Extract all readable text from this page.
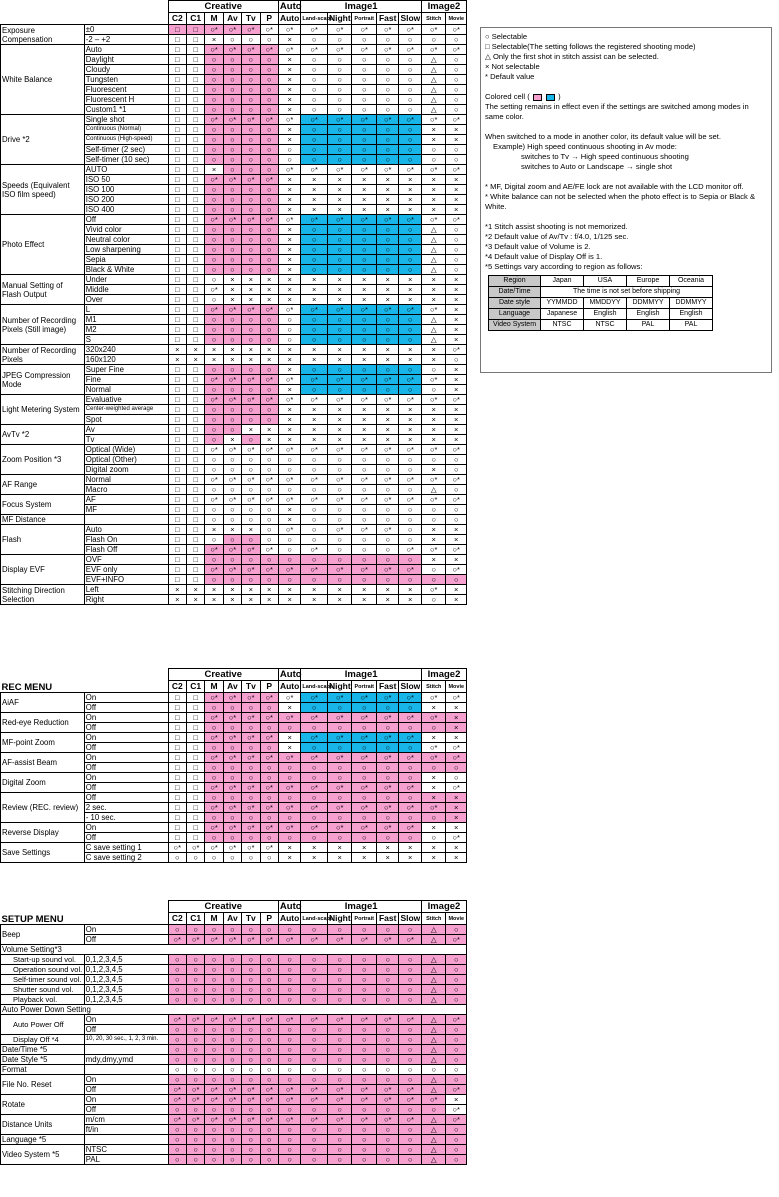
		Creative						Auto	Image1					Image2	
		C2	C1	M	Av	Tv	P	Auto	Land-scape	Night	Portrait	Fast	Slow	Stitch	Movie
Exposure Compensation	±0	□	□	○*	○*	○*	○*	○*	○*	○*	○*	○*	○*	○*	○*
	-2 – +2	□	□	×	○	○	○	×	○	○	○	○	○	○	○
White Balance	Auto	□	□	○*	○*	○*	○*	○*	○*	○*	○*	○*	○*	○*	○*
	Daylight	□	□	○	○	○	○	×	○	○	○	○	○	△	○
	Cloudy	□	□	○	○	○	○	×	○	○	○	○	○	△	○
	Tungsten	□	□	○	○	○	○	×	○	○	○	○	○	△	○
	Fluorescent	□	□	○	○	○	○	×	○	○	○	○	○	△	○
	Fluorescent H	□	□	○	○	○	○	×	○	○	○	○	○	△	○
	Custom1 *1	□	□	○	○	○	○	×	○	○	○	○	○	△	○
Drive *2	Single shot	□	□	○*	○*	○*	○*	○*	○*	○*	○*	○*	○*	○*	○*
	Continuous (Normal)	□	□	○	○	○	○	×	○	○	○	○	○	×	×
	Continuous (High-speed)	□	□	○	○	○	○	×	○	○	○	○	○	×	×
	Self-timer (2 sec)	□	□	○	○	○	○	○	○	○	○	○	○	○	○
	Self-timer (10 sec)	□	□	○	○	○	○	○	○	○	○	○	○	○	○
Speeds (Equivalent ISO film speed)	AUTO	□	□	×	○	○	○	○*	○*	○*	○*	○*	○*	○*	○*
	ISO 50	□	□	○*	○*	○*	○*	×	×	×	×	×	×	×	×
	ISO 100	□	□	○	○	○	○	×	×	×	×	×	×	×	×
	ISO 200	□	□	○	○	○	○	×	×	×	×	×	×	×	×
	ISO 400	□	□	○	○	○	○	×	×	×	×	×	×	×	×
Photo Effect	Off	□	□	○*	○*	○*	○*	○*	○*	○*	○*	○*	○*	○*	○*
	Vivid color	□	□	○	○	○	○	×	○	○	○	○	○	△	○
	Neutral color	□	□	○	○	○	○	×	○	○	○	○	○	△	○
	Low sharpening	□	□	○	○	○	○	×	○	○	○	○	○	△	○
	Sepia	□	□	○	○	○	○	×	○	○	○	○	○	△	○
	Black & White	□	□	○	○	○	○	×	○	○	○	○	○	△	○
Manual Setting of Flash Output	Under	□	□	○	×	×	×	×	×	×	×	×	×	×	×
	Middle	□	□	○*	×	×	×	×	×	×	×	×	×	×	×
	Over	□	□	○	×	×	×	×	×	×	×	×	×	×	×
Number of Recording Pixels (Still image)	L	□	□	○*	○*	○*	○*	○*	○*	○*	○*	○*	○*	○*	×
	M1	□	□	○	○	○	○	○	○	○	○	○	○	△	×
	M2	□	□	○	○	○	○	○	○	○	○	○	○	△	×
	S	□	□	○	○	○	○	○	○	○	○	○	○	△	×
Number of Recording Pixels	320x240	×	×	×	×	×	×	×	×	×	×	×	×	×	○*
	160x120	×	×	×	×	×	×	×	×	×	×	×	×	×	○
JPEG Compression Mode	Super Fine	□	□	○	○	○	○	×	○	○	○	○	○	○	×
	Fine	□	□	○*	○*	○*	○*	○*	○*	○*	○*	○*	○*	○*	×
	Normal	□	□	○	○	○	○	×	○	○	○	○	○	○	×
Light Metering System	Evaluative	□	□	○*	○*	○*	○*	○*	○*	○*	○*	○*	○*	○*	○*
	Center-weighted average	□	□	○	○	○	○	×	×	×	×	×	×	×	×
	Spot	□	□	○	○	○	○	×	×	×	×	×	×	×	×
AvTv *2	Av	□	□	○	○	×	×	×	×	×	×	×	×	×	×
	Tv	□	□	○	×	○	×	×	×	×	×	×	×	×	×
Zoom Position *3	Optical (Wide)	□	□	○*	○*	○*	○*	○*	○*	○*	○*	○*	○*	○*	○*
	Optical (Other)	□	□	○	○	○	○	○	○	○	○	○	○	○	○
	Digital zoom	□	□	○	○	○	○	○	○	○	○	○	○	×	○
AF Range	Normal	□	□	○*	○*	○*	○*	○*	○*	○*	○*	○*	○*	○*	○*
	Macro	□	□	○	○	○	○	○	○	○	○	○	○	△	○
Focus System	AF	□	□	○*	○*	○*	○*	○*	○*	○*	○*	○*	○*	○*	○*
	MF	□	□	○	○	○	○	×	○	○	○	○	○	○	○
MF Distance		□	□	○	○	○	○	×	○	○	○	○	○	○	○
Flash	Auto	□	□	×	×	×	○	○*	○	○*	○*	○*	○	×	×
	Flash On	□	□	○	○	○	○	○	○	○	○	○	○	×	×
	Flash Off	□	□	○*	○*	○*	○*	○	○*	○	○	○	○*	○*	○*
Display EVF	OVF	□	□	○	○	○	○	○	○	○	○	○	○	×	×
	EVF only	□	□	○*	○*	○*	○*	○*	○*	○*	○*	○*	○*	○	○*
	EVF+INFO	□	□	○	○	○	○	○	○	○	○	○	○	○	○
Stitching Direction Selection	Left	×	×	×	×	×	×	×	×	×	×	×	×	○*	×
	Right	×	×	×	×	×	×	×	×	×	×	×	×	○	×
REC MENU		Creative						Auto	Image1					Image2	
		C2	C1	M	Av	Tv	P	Auto	Land-scape	Night	Portrait	Fast	Slow	Stitch	Movie
AiAF	On	□	□	○*	○*	○*	○*	○*	○*	○*	○*	○*	○*	○*	○*
	Off	□	□	○	○	○	○	×	○	○	○	○	○	×	×
Red-eye Reduction	On	□	□	○*	○*	○*	○*	○*	○*	○*	○*	○*	○*	○*	×
	Off	□	□	○	○	○	○	○	○	○	○	○	○	○	×
MF-point Zoom	On	□	□	○*	○*	○*	○*	×	○*	○*	○*	○*	○*	×	×
	Off	□	□	○	○	○	○	×	○	○	○	○	○	○*	○*
AF-assist Beam	On	□	□	○*	○*	○*	○*	○*	○*	○*	○*	○*	○*	○*	○*
	Off	□	□	○	○	○	○	○	○	○	○	○	○	○	○
Digital Zoom	On	□	□	○	○	○	○	○	○	○	○	○	○	×	○
	Off	□	□	○*	○*	○*	○*	○*	○*	○*	○*	○*	○*	×	○*
Review (REC. review)	Off	□	□	○	○	○	○	○	○	○	○	○	○	×	×
	2 sec.	□	□	○*	○*	○*	○*	○*	○*	○*	○*	○*	○*	○*	×
	- 10 sec.	□	□	○	○	○	○	○	○	○	○	○	○	○	×
Reverse Display	On	□	□	○*	○*	○*	○*	○*	○*	○*	○*	○*	○*	×	×
	Off	□	□	○	○	○	○	○	○	○	○	○	○	○	○*
Save Settings	C save setting 1	○*	○*	○*	○*	○*	○*	×	×	×	×	×	×	×	×
	C save setting 2	○	○	○	○	○	○	×	×	×	×	×	×	×	×
SETUP MENU		Creative						Auto	Image1					Image2	
		C2	C1	M	Av	Tv	P	Auto	Land-scape	Night	Portrait	Fast	Slow	Stitch	Movie
Beep	On	○	○	○	○	○	○	○	○	○	○	○	○	△	○
	Off	○*	○*	○*	○*	○*	○*	○*	○*	○*	○*	○*	○*	△	○*
Volume Setting*3															
Start-up sound vol.	0,1,2,3,4,5	○	○	○	○	○	○	○	○	○	○	○	○	△	○
Operation sound vol.	0,1,2,3,4,5	○	○	○	○	○	○	○	○	○	○	○	○	△	○
Self-timer sound vol.	0,1,2,3,4,5	○	○	○	○	○	○	○	○	○	○	○	○	△	○
Shutter sound vol.	0,1,2,3,4,5	○	○	○	○	○	○	○	○	○	○	○	○	△	○
Playback vol.	0,1,2,3,4,5	○	○	○	○	○	○	○	○	○	○	○	○	△	○
Auto Power Down Setting															
Auto Power Off	On	○*	○*	○*	○*	○*	○*	○*	○*	○*	○*	○*	○*	△	○*
	Off	○	○	○	○	○	○	○	○	○	○	○	○	△	○
Display Off *4	10, 20, 30 sec., 1, 2, 3 min.	○	○	○	○	○	○	○	○	○	○	○	○	△	○
Date/Time *5		○	○	○	○	○	○	○	○	○	○	○	○	△	○
Date Style *5	mdy,dmy,ymd	○	○	○	○	○	○	○	○	○	○	○	○	△	○
Format		○	○	○	○	○	○	○	○	○	○	○	○	○	○
File No. Reset	On	○	○	○	○	○	○	○	○	○	○	○	○	△	○
	Off	○*	○*	○*	○*	○*	○*	○*	○*	○*	○*	○*	○*	△	○*
Rotate	On	○*	○*	○*	○*	○*	○*	○*	○*	○*	○*	○*	○*	○*	×
	Off	○	○	○	○	○	○	○	○	○	○	○	○	○	○*
Distance Units	m/cm	○*	○*	○*	○*	○*	○*	○*	○*	○*	○*	○*	○*	△	○*
	ft/in	○	○	○	○	○	○	○	○	○	○	○	○	△	○
Language *5		○	○	○	○	○	○	○	○	○	○	○	○	△	○
Video System *5	NTSC	○	○	○	○	○	○	○	○	○	○	○	○	△	○
	PAL	○	○	○	○	○	○	○	○	○	○	○	○	△	○

○ Selectable

□ Selectable(The setting follows the registered shooting mode)

△ Only the first shot in stitch assist can be selected.

× Not selectable

* Default value

Colored cell (	)

The setting remains in effect even if the settings are switched among modes in same color.

When switched to a mode in another color, its default value will be set.

Example) High speed continuous shooting in Av mode:

switches to Tv → High speed continuous shooting

switches to Auto or Landscape → single shot

* MF, Digital zoom and AE/FE lock are not available with the LCD monitor off.

* White balance can not be selected when the photo effect is to Sepia or Black & White.

*1 Stitch assist shooting is not memorized.

*2 Default value of Av/Tv : f/4.0, 1/125 sec.

*3 Default value of Volume is 2.

*4 Default value of Display Off is 1.

*5 Settings vary according to region as follows:

Region	Japan	USA	Europe	Oceania
Date/Time	The time is not set before shipping			
Date style	YYMMDD	MMDDYY	DDMMYY	DDMMYY
Language	Japanese	English	English	English
Video System	NTSC	NTSC	PAL	PAL
